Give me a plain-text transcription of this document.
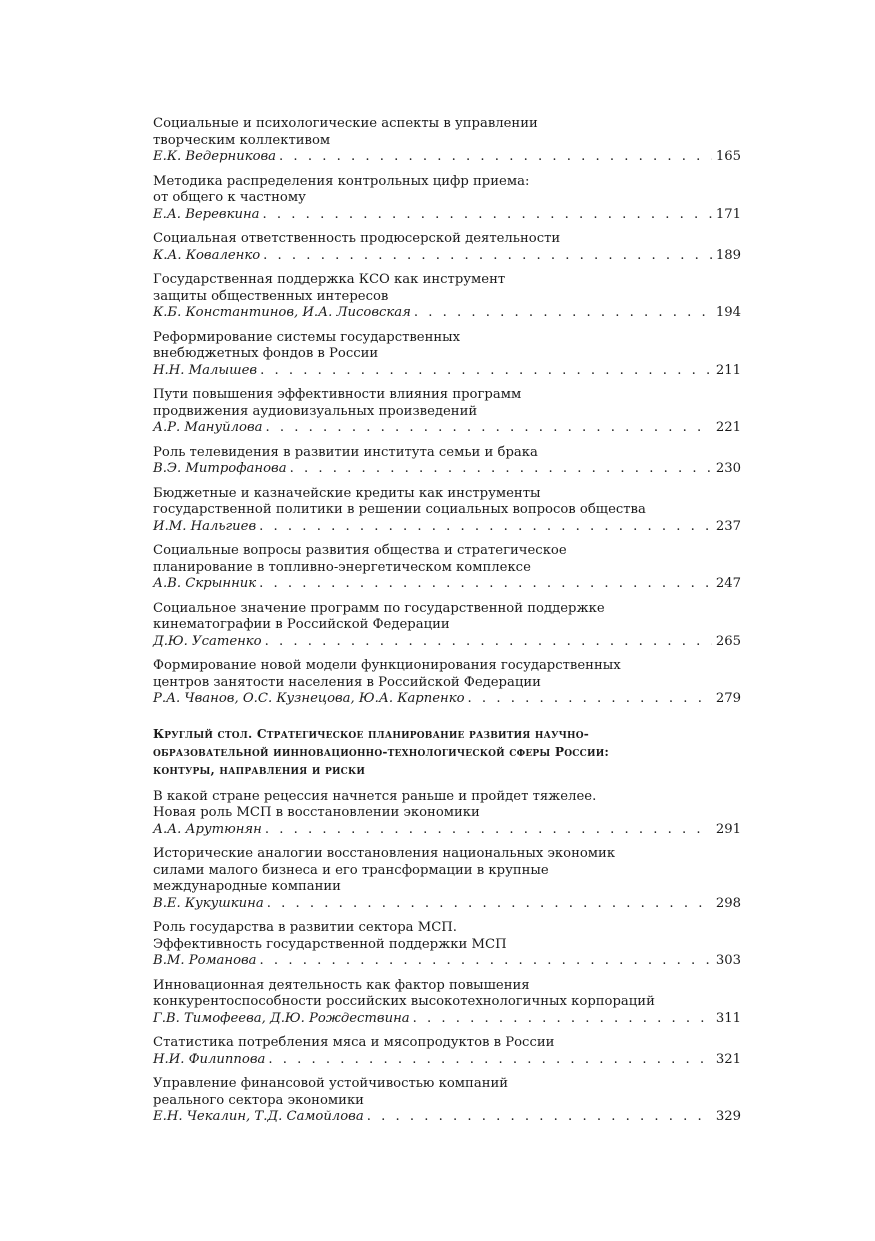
Социальные и психологические аспекты в управлении
творческим коллективом
Е.К. Ведерникова . . .	165
Методика распределения контрольных цифр приема:
от общего к частному
Е.А. Веревкина . . .	171
Социальная ответственность продюсерской деятельности
К.А. Коваленко . . .	189
Государственная поддержка КСО как инструмент
защиты общественных интересов
К.Б. Константинов, И.А. Лисовская . . .	194
Реформирование системы государственных
внебюджетных фондов в России
Н.Н. Малышев . . .	211
Пути повышения эффективности влияния программ
продвижения аудиовизуальных произведений
А.Р. Мануйлова . . .	221
Роль телевидения в развитии института семьи и брака
В.Э. Митрофанова . . .	230
Бюджетные и казначейские кредиты как инструменты
государственной политики в решении социальных вопросов общества
И.М. Нальгиев . . .	237
Социальные вопросы развития общества и стратегическое
планирование в топливно-энергетическом комплексе
А.В. Скрынник . . .	247
Социальное значение программ по государственной поддержке
кинематографии в Российской Федерации
Д.Ю. Усатенко . . .	265
Формирование новой модели функционирования государственных
центров занятости населения в Российской Федерации
Р.А. Чванов, О.С. Кузнецова, Ю.А. Карпенко . . .	279
Круглый стол. Стратегическое планирование развития научно-
образовательной иинновационно-технологической сферы России:
контуры, направления и риски
В какой стране рецессия начнется раньше и пройдет тяжелее.
Новая роль МСП в восстановлении экономики
А.А. Арутюнян . . .	291
Исторические аналогии восстановления национальных экономик
силами малого бизнеса и его трансформации в крупные
международные компании
В.Е. Кукушкина . . .	298
Роль государства в развитии сектора МСП.
Эффективность государственной поддержки МСП
В.М. Романова . . .	303
Инновационная деятельность как фактор повышения
конкурентоспособности российских высокотехнологичных корпораций
Г.В. Тимофеева, Д.Ю. Рождествина . . .	311
Статистика потребления мяса и мясопродуктов в России
Н.И. Филиппова . . .	321
Управление финансовой устойчивостью компаний
реального сектора экономики
Е.Н. Чекалин, Т.Д. Самойлова . . .	329
